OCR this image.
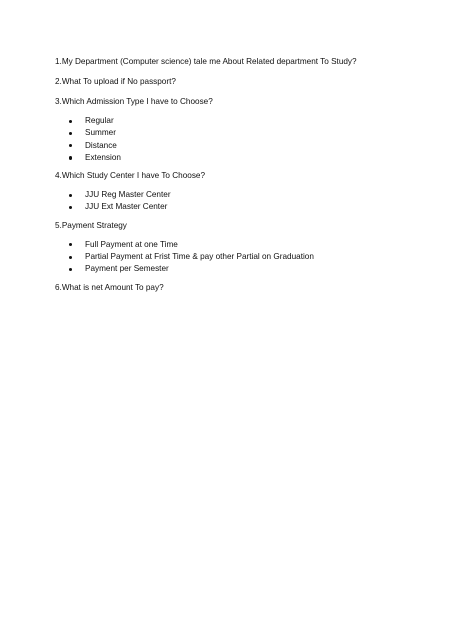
1.My Department (Computer science) tale me About Related department To Study?

2.What To upload if No passport?

3.Which Admission Type I have to Choose?

Regular
Summer
Distance
Extension

4.Which Study Center I have To Choose?

JJU Reg Master Center
JJU Ext Master Center

5.Payment Strategy

Full Payment at one Time
Partial Payment at Frist Time & pay other Partial on Graduation
Payment per Semester

6.What is net Amount To pay?
